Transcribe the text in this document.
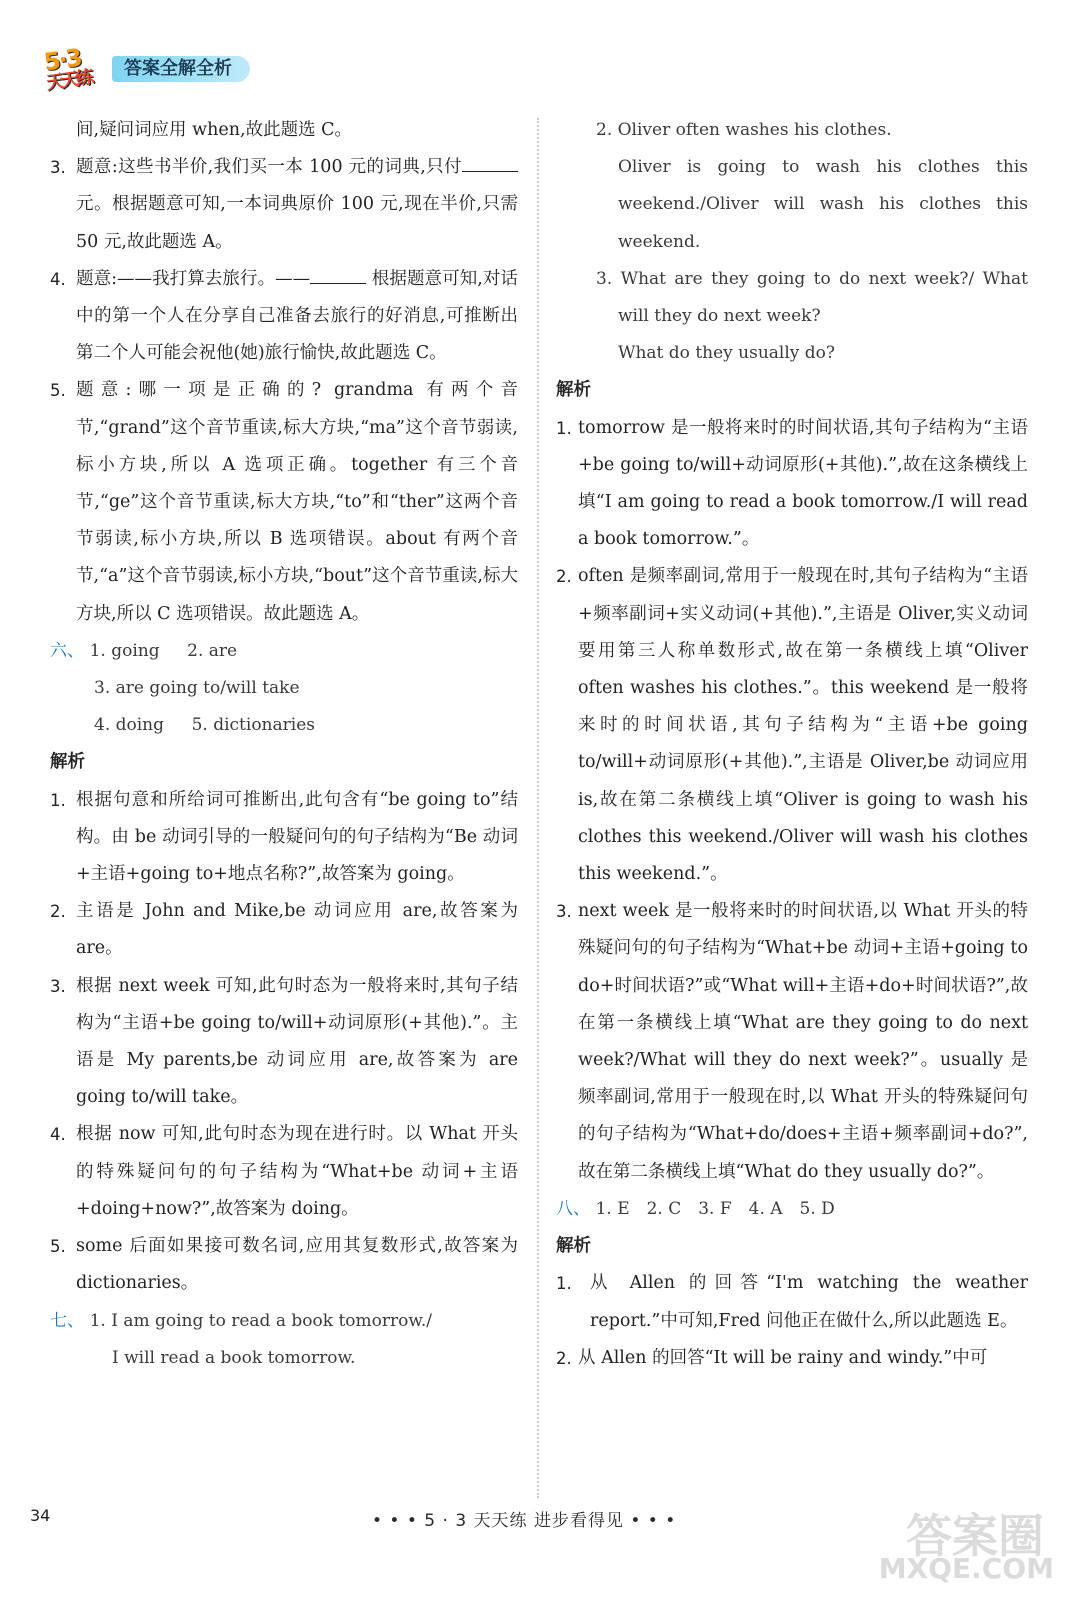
5·3
天天练	答案全解全析

间,疑问词应用 when,故此题选 C。

3. 题意:这些书半价,我们买一本 100 元的词典,只付元。根据题意可知,一本词典原价 100 元,现在半价,只需 50 元,故此题选 A。
4. 题意:——我打算去旅行。——	根据题意可知,对话中的第一个人在分享自己准备去旅行的好消息,可推断出第二个人可能会祝他(她)旅行愉快,故此题选 C。
5. 题意:哪一项是正确的? grandma 有两个音节,“grand”这个音节重读,标大方块,“ma”这个音节弱读,标小方块,所以 A 选项正确。together 有三个音节,“ge”这个音节重读,标大方块,“to”和“ther”这两个音节弱读,标小方块,所以 B 选项错误。about 有两个音节,“a”这个音节弱读,标小方块,“bout”这个音节重读,标大方块,所以 C 选项错误。故此题选 A。
六、 1. going 2. are
3. are going to/will take
4. doing 5. dictionaries
解析
1. 根据句意和所给词可推断出,此句含有“be going to”结构。由 be 动词引导的一般疑问句的句子结构为“Be 动词+主语+going to+地点名称?”,故答案为 going。
2. 主语是 John and Mike,be 动词应用 are,故答案为 are。
3. 根据 next week 可知,此句时态为一般将来时,其句子结构为“主语+be going to/will+动词原形(+其他).”。主语是 My parents,be 动词应用 are,故答案为 are going to/will take。
4. 根据 now 可知,此句时态为现在进行时。以 What 开头的特殊疑问句的句子结构为“What+be 动词+主语+doing+now?”,故答案为 doing。
5. some 后面如果接可数名词,应用其复数形式,故答案为 dictionaries。
七、 1. I am going to read a book tomorrow./
I will read a book tomorrow.
2. Oliver often washes his clothes.
Oliver is going to wash his clothes this weekend./Oliver will wash his clothes this weekend.
3. What are they going to do next week?/ What will they do next week?
What do they usually do?
解析
1. tomorrow 是一般将来时的时间状语,其句子结构为“主语+be going to/will+动词原形(+其他).”,故在这条横线上填“I am going to read a book tomorrow./I will read a book tomorrow.”。
2. often 是频率副词,常用于一般现在时,其句子结构为“主语+频率副词+实义动词(+其他).”,主语是 Oliver,实义动词要用第三人称单数形式,故在第一条横线上填“Oliver often washes his clothes.”。this weekend 是一般将来时的时间状语,其句子结构为“主语+be going to/will+动词原形(+其他).”,主语是 Oliver,be 动词应用 is,故在第二条横线上填“Oliver is going to wash his clothes this weekend./Oliver will wash his clothes this weekend.”。
3. next week 是一般将来时的时间状语,以 What 开头的特殊疑问句的句子结构为“What+be 动词+主语+going to do+时间状语?”或“What will+主语+do+时间状语?”,故在第一条横线上填“What are they going to do next week?/What will they do next week?”。usually 是频率副词,常用于一般现在时,以 What 开头的特殊疑问句的句子结构为“What+do/does+主语+频率副词+do?”,故在第二条横线上填“What do they usually do?”。
八、 1. E　2. C　3. F　4. A　5. D
解析
1.	从 Allen 的回答“I'm watching the weather report.”中可知,Fred 问他正在做什么,所以此题选 E。
2. 从 Allen 的回答“It will be rainy and windy.”中可
34	• • • 5 · 3 天天练 进步看得见 • • •	答案圈
MXQE.COM
